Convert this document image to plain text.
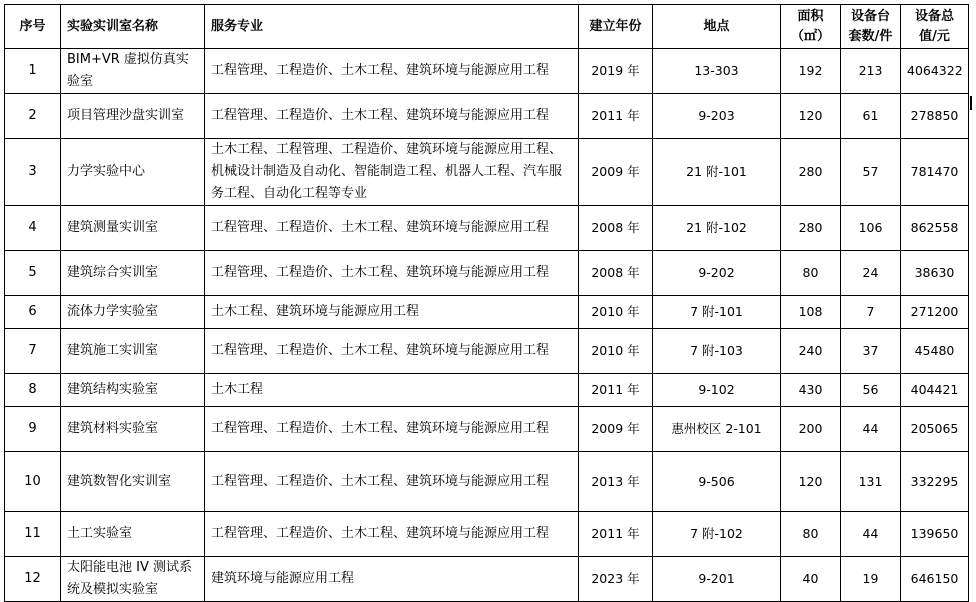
序号	实验实训室名称	服务专业	建立年份	地点	面积（㎡）	设备台套数/件	设备总值/元
1	BIM+VR 虚拟仿真实验室	工程管理、工程造价、土木工程、建筑环境与能源应用工程	2019 年	13-303	192	213	4064322
2	项目管理沙盘实训室	工程管理、工程造价、土木工程、建筑环境与能源应用工程	2011 年	9-203	120	61	278850
3	力学实验中心	土木工程、工程管理、工程造价、建筑环境与能源应用工程、机械设计制造及自动化、智能制造工程、机器人工程、汽车服务工程、自动化工程等专业	2009 年	21 附-101	280	57	781470
4	建筑测量实训室	工程管理、工程造价、土木工程、建筑环境与能源应用工程	2008 年	21 附-102	280	106	862558
5	建筑综合实训室	工程管理、工程造价、土木工程、建筑环境与能源应用工程	2008 年	9-202	80	24	38630
6	流体力学实验室	土木工程、建筑环境与能源应用工程	2010 年	7 附-101	108	7	271200
7	建筑施工实训室	工程管理、工程造价、土木工程、建筑环境与能源应用工程	2010 年	7 附-103	240	37	45480
8	建筑结构实验室	土木工程	2011 年	9-102	430	56	404421
9	建筑材料实验室	工程管理、工程造价、土木工程、建筑环境与能源应用工程	2009 年	惠州校区 2-101	200	44	205065
10	建筑数智化实训室	工程管理、工程造价、土木工程、建筑环境与能源应用工程	2013 年	9-506	120	131	332295
11	土工实验室	工程管理、工程造价、土木工程、建筑环境与能源应用工程	2011 年	7 附-102	80	44	139650
12	太阳能电池 IV 测试系统及模拟实验室	建筑环境与能源应用工程	2023 年	9-201	40	19	646150
